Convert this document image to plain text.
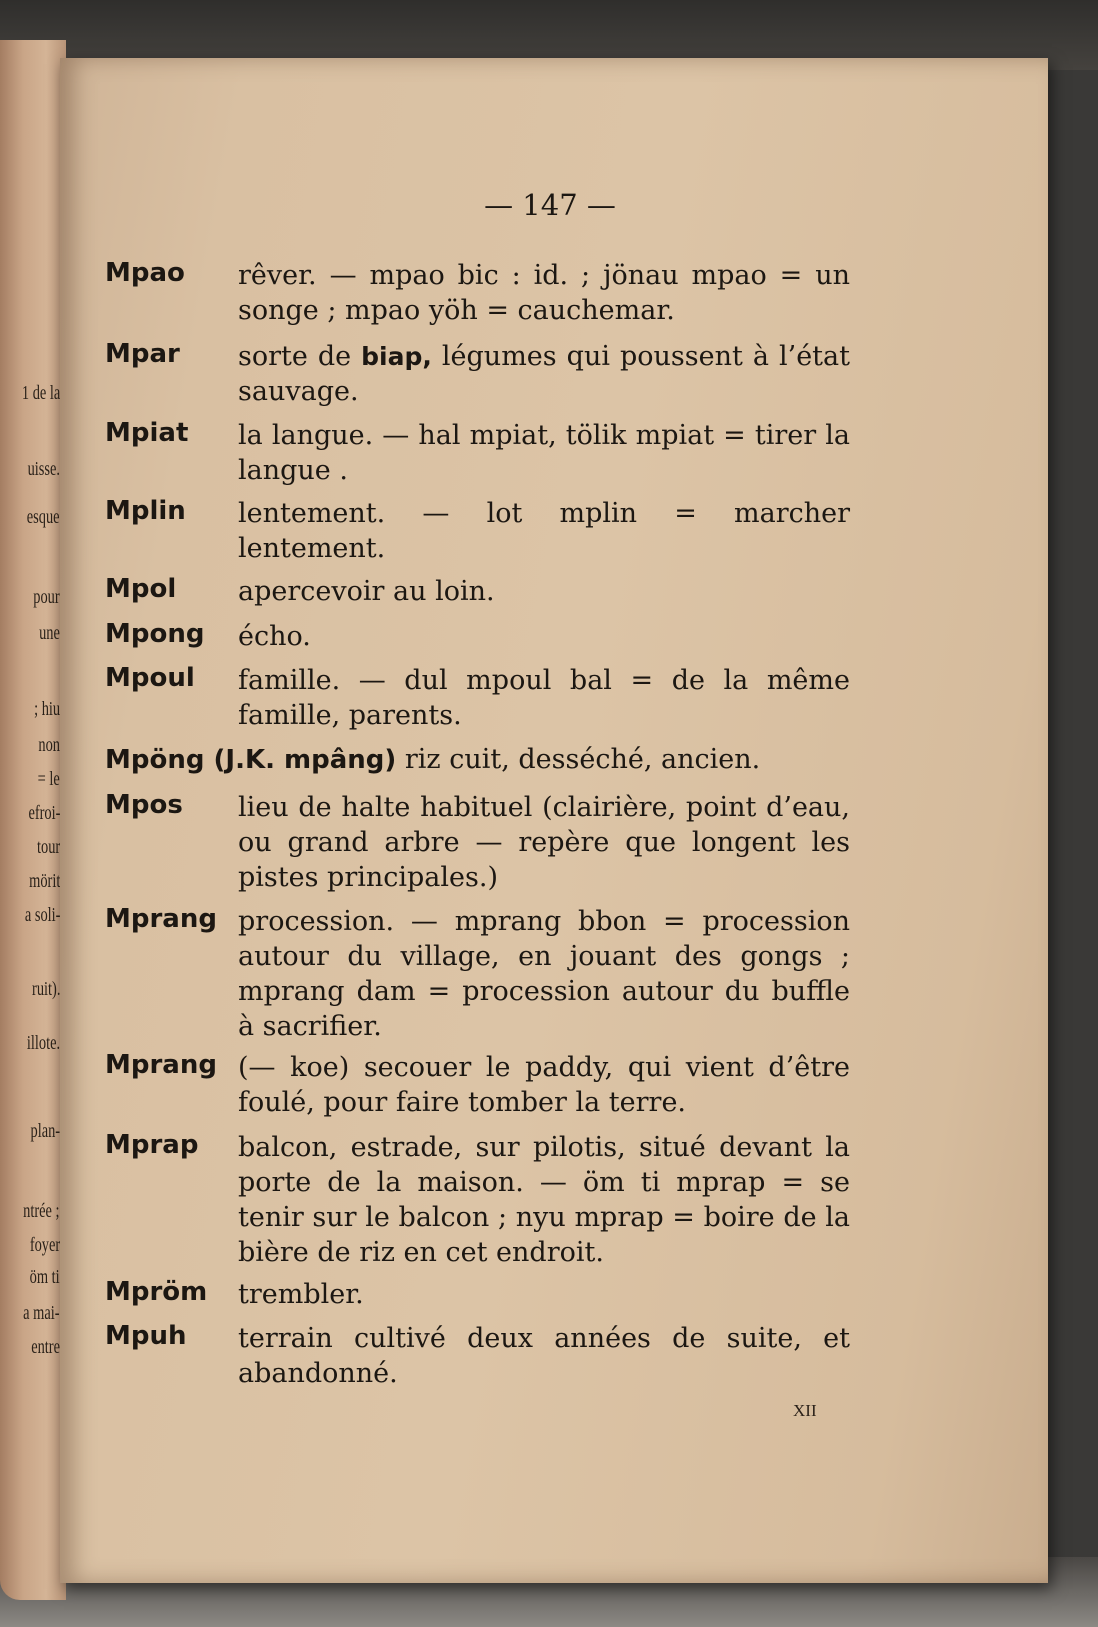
1 de la
uisse.
esque
pour
une
; hiu
non
= le
efroi-
tour
mörit
a soli-
ruit).
illote.
plan-
ntrée ;
foyer
öm ti
a mai-
entre
— 147 —
Mpao rêver. — mpao bic : id. ; jönau mpao = un songe ; mpao yöh = cauchemar.
Mpar sorte de biap, légumes qui poussent à l’état sauvage.
Mpiat la langue. — hal mpiat, tölik mpiat = tirer la langue .
Mplin lentement. — lot mplin = marcher lentement.
Mpol apercevoir au loin.
Mpong écho.
Mpoul famille. — dul mpoul bal = de la même famille, parents.
Mpöng (J.K. mpâng) riz cuit, desséché, ancien.
Mpos lieu de halte habituel (clairière, point d’eau, ou grand arbre — repère que longent les pistes principales.)
Mprang procession. — mprang bbon = procession autour du village, en jouant des gongs ; mprang dam = procession autour du buffle à sacrifier.
Mprang (— koe) secouer le paddy, qui vient d’être foulé, pour faire tomber la terre.
Mprap balcon, estrade, sur pilotis, situé devant la porte de la maison. — öm ti mprap = se tenir sur le balcon ; nyu mprap = boire de la bière de riz en cet endroit.
Mpröm trembler.
Mpuh terrain cultivé deux années de suite, et abandonné.
XII
